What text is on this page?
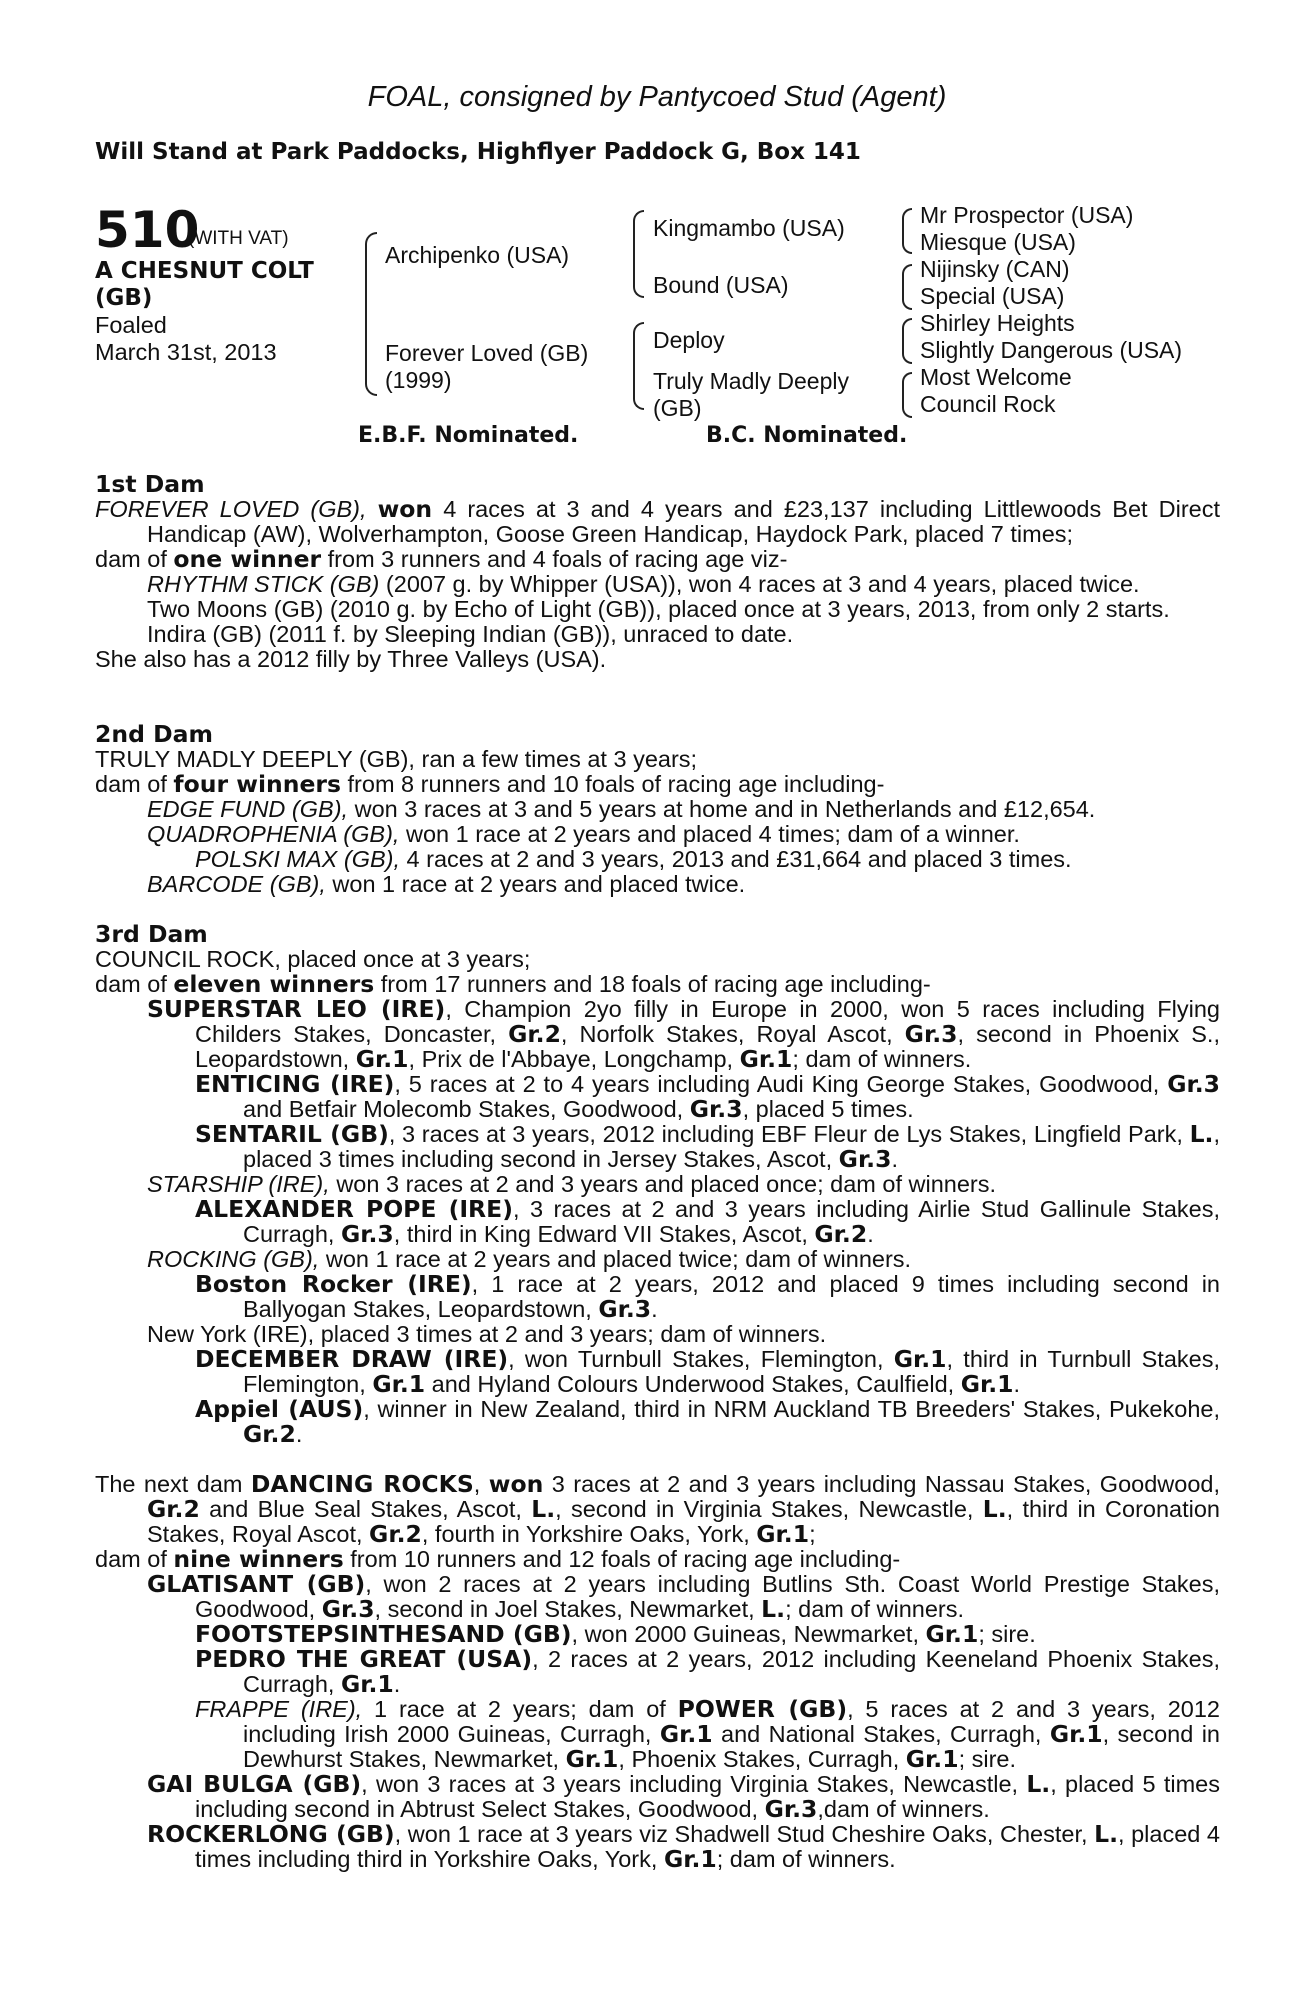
FOAL, consigned by Pantycoed Stud (Agent)
Will Stand at Park Paddocks, Highflyer Paddock G, Box 141
510
(WITH VAT)
A CHESNUT COLT
(GB)
Foaled
March 31st, 2013
Archipenko (USA)
Forever Loved (GB)
(1999)
Kingmambo (USA)
Bound (USA)
Deploy
Truly Madly Deeply
(GB)
Mr Prospector (USA)
Miesque (USA)
Nijinsky (CAN)
Special (USA)
Shirley Heights
Slightly Dangerous (USA)
Most Welcome
Council Rock
E.B.F. Nominated.	B.C. Nominated.

1st Dam

FOREVER LOVED (GB), won 4 races at 3 and 4 years and £23,137 including Littlewoods Bet Direct Handicap (AW), Wolverhampton, Goose Green Handicap, Haydock Park, placed 7 times;

dam of one winner from 3 runners and 4 foals of racing age viz-

RHYTHM STICK (GB) (2007 g. by Whipper (USA)), won 4 races at 3 and 4 years, placed twice.

Two Moons (GB) (2010 g. by Echo of Light (GB)), placed once at 3 years, 2013, from only 2 starts.

Indira (GB) (2011 f. by Sleeping Indian (GB)), unraced to date.

She also has a 2012 filly by Three Valleys (USA).

2nd Dam

TRULY MADLY DEEPLY (GB), ran a few times at 3 years;

dam of four winners from 8 runners and 10 foals of racing age including-

EDGE FUND (GB), won 3 races at 3 and 5 years at home and in Netherlands and £12,654.

QUADROPHENIA (GB), won 1 race at 2 years and placed 4 times; dam of a winner.

POLSKI MAX (GB), 4 races at 2 and 3 years, 2013 and £31,664 and placed 3 times.

BARCODE (GB), won 1 race at 2 years and placed twice.

3rd Dam

COUNCIL ROCK, placed once at 3 years;

dam of eleven winners from 17 runners and 18 foals of racing age including-

SUPERSTAR LEO (IRE), Champion 2yo filly in Europe in 2000, won 5 races including Flying Childers Stakes, Doncaster, Gr.2, Norfolk Stakes, Royal Ascot, Gr.3, second in Phoenix S., Leopardstown, Gr.1, Prix de l'Abbaye, Longchamp, Gr.1; dam of winners.

ENTICING (IRE), 5 races at 2 to 4 years including Audi King George Stakes, Goodwood, Gr.3 and Betfair Molecomb Stakes, Goodwood, Gr.3, placed 5 times.

SENTARIL (GB), 3 races at 3 years, 2012 including EBF Fleur de Lys Stakes, Lingfield Park, L., placed 3 times including second in Jersey Stakes, Ascot, Gr.3.

STARSHIP (IRE), won 3 races at 2 and 3 years and placed once; dam of winners.

ALEXANDER POPE (IRE), 3 races at 2 and 3 years including Airlie Stud Gallinule Stakes, Curragh, Gr.3, third in King Edward VII Stakes, Ascot, Gr.2.

ROCKING (GB), won 1 race at 2 years and placed twice; dam of winners.

Boston Rocker (IRE), 1 race at 2 years, 2012 and placed 9 times including second in Ballyogan Stakes, Leopardstown, Gr.3.

New York (IRE), placed 3 times at 2 and 3 years; dam of winners.

DECEMBER DRAW (IRE), won Turnbull Stakes, Flemington, Gr.1, third in Turnbull Stakes, Flemington, Gr.1 and Hyland Colours Underwood Stakes, Caulfield, Gr.1.

Appiel (AUS), winner in New Zealand, third in NRM Auckland TB Breeders' Stakes, Pukekohe, Gr.2.

The next dam DANCING ROCKS, won 3 races at 2 and 3 years including Nassau Stakes, Goodwood, Gr.2 and Blue Seal Stakes, Ascot, L., second in Virginia Stakes, Newcastle, L., third in Coronation Stakes, Royal Ascot, Gr.2, fourth in Yorkshire Oaks, York, Gr.1;

dam of nine winners from 10 runners and 12 foals of racing age including-

GLATISANT (GB), won 2 races at 2 years including Butlins Sth. Coast World Prestige Stakes, Goodwood, Gr.3, second in Joel Stakes, Newmarket, L.; dam of winners.

FOOTSTEPSINTHESAND (GB), won 2000 Guineas, Newmarket, Gr.1; sire.

PEDRO THE GREAT (USA), 2 races at 2 years, 2012 including Keeneland Phoenix Stakes, Curragh, Gr.1.

FRAPPE (IRE), 1 race at 2 years; dam of POWER (GB), 5 races at 2 and 3 years, 2012 including Irish 2000 Guineas, Curragh, Gr.1 and National Stakes, Curragh, Gr.1, second in Dewhurst Stakes, Newmarket, Gr.1, Phoenix Stakes, Curragh, Gr.1; sire.

GAI BULGA (GB), won 3 races at 3 years including Virginia Stakes, Newcastle, L., placed 5 times including second in Abtrust Select Stakes, Goodwood, Gr.3,dam of winners.

ROCKERLONG (GB), won 1 race at 3 years viz Shadwell Stud Cheshire Oaks, Chester, L., placed 4 times including third in Yorkshire Oaks, York, Gr.1; dam of winners.
